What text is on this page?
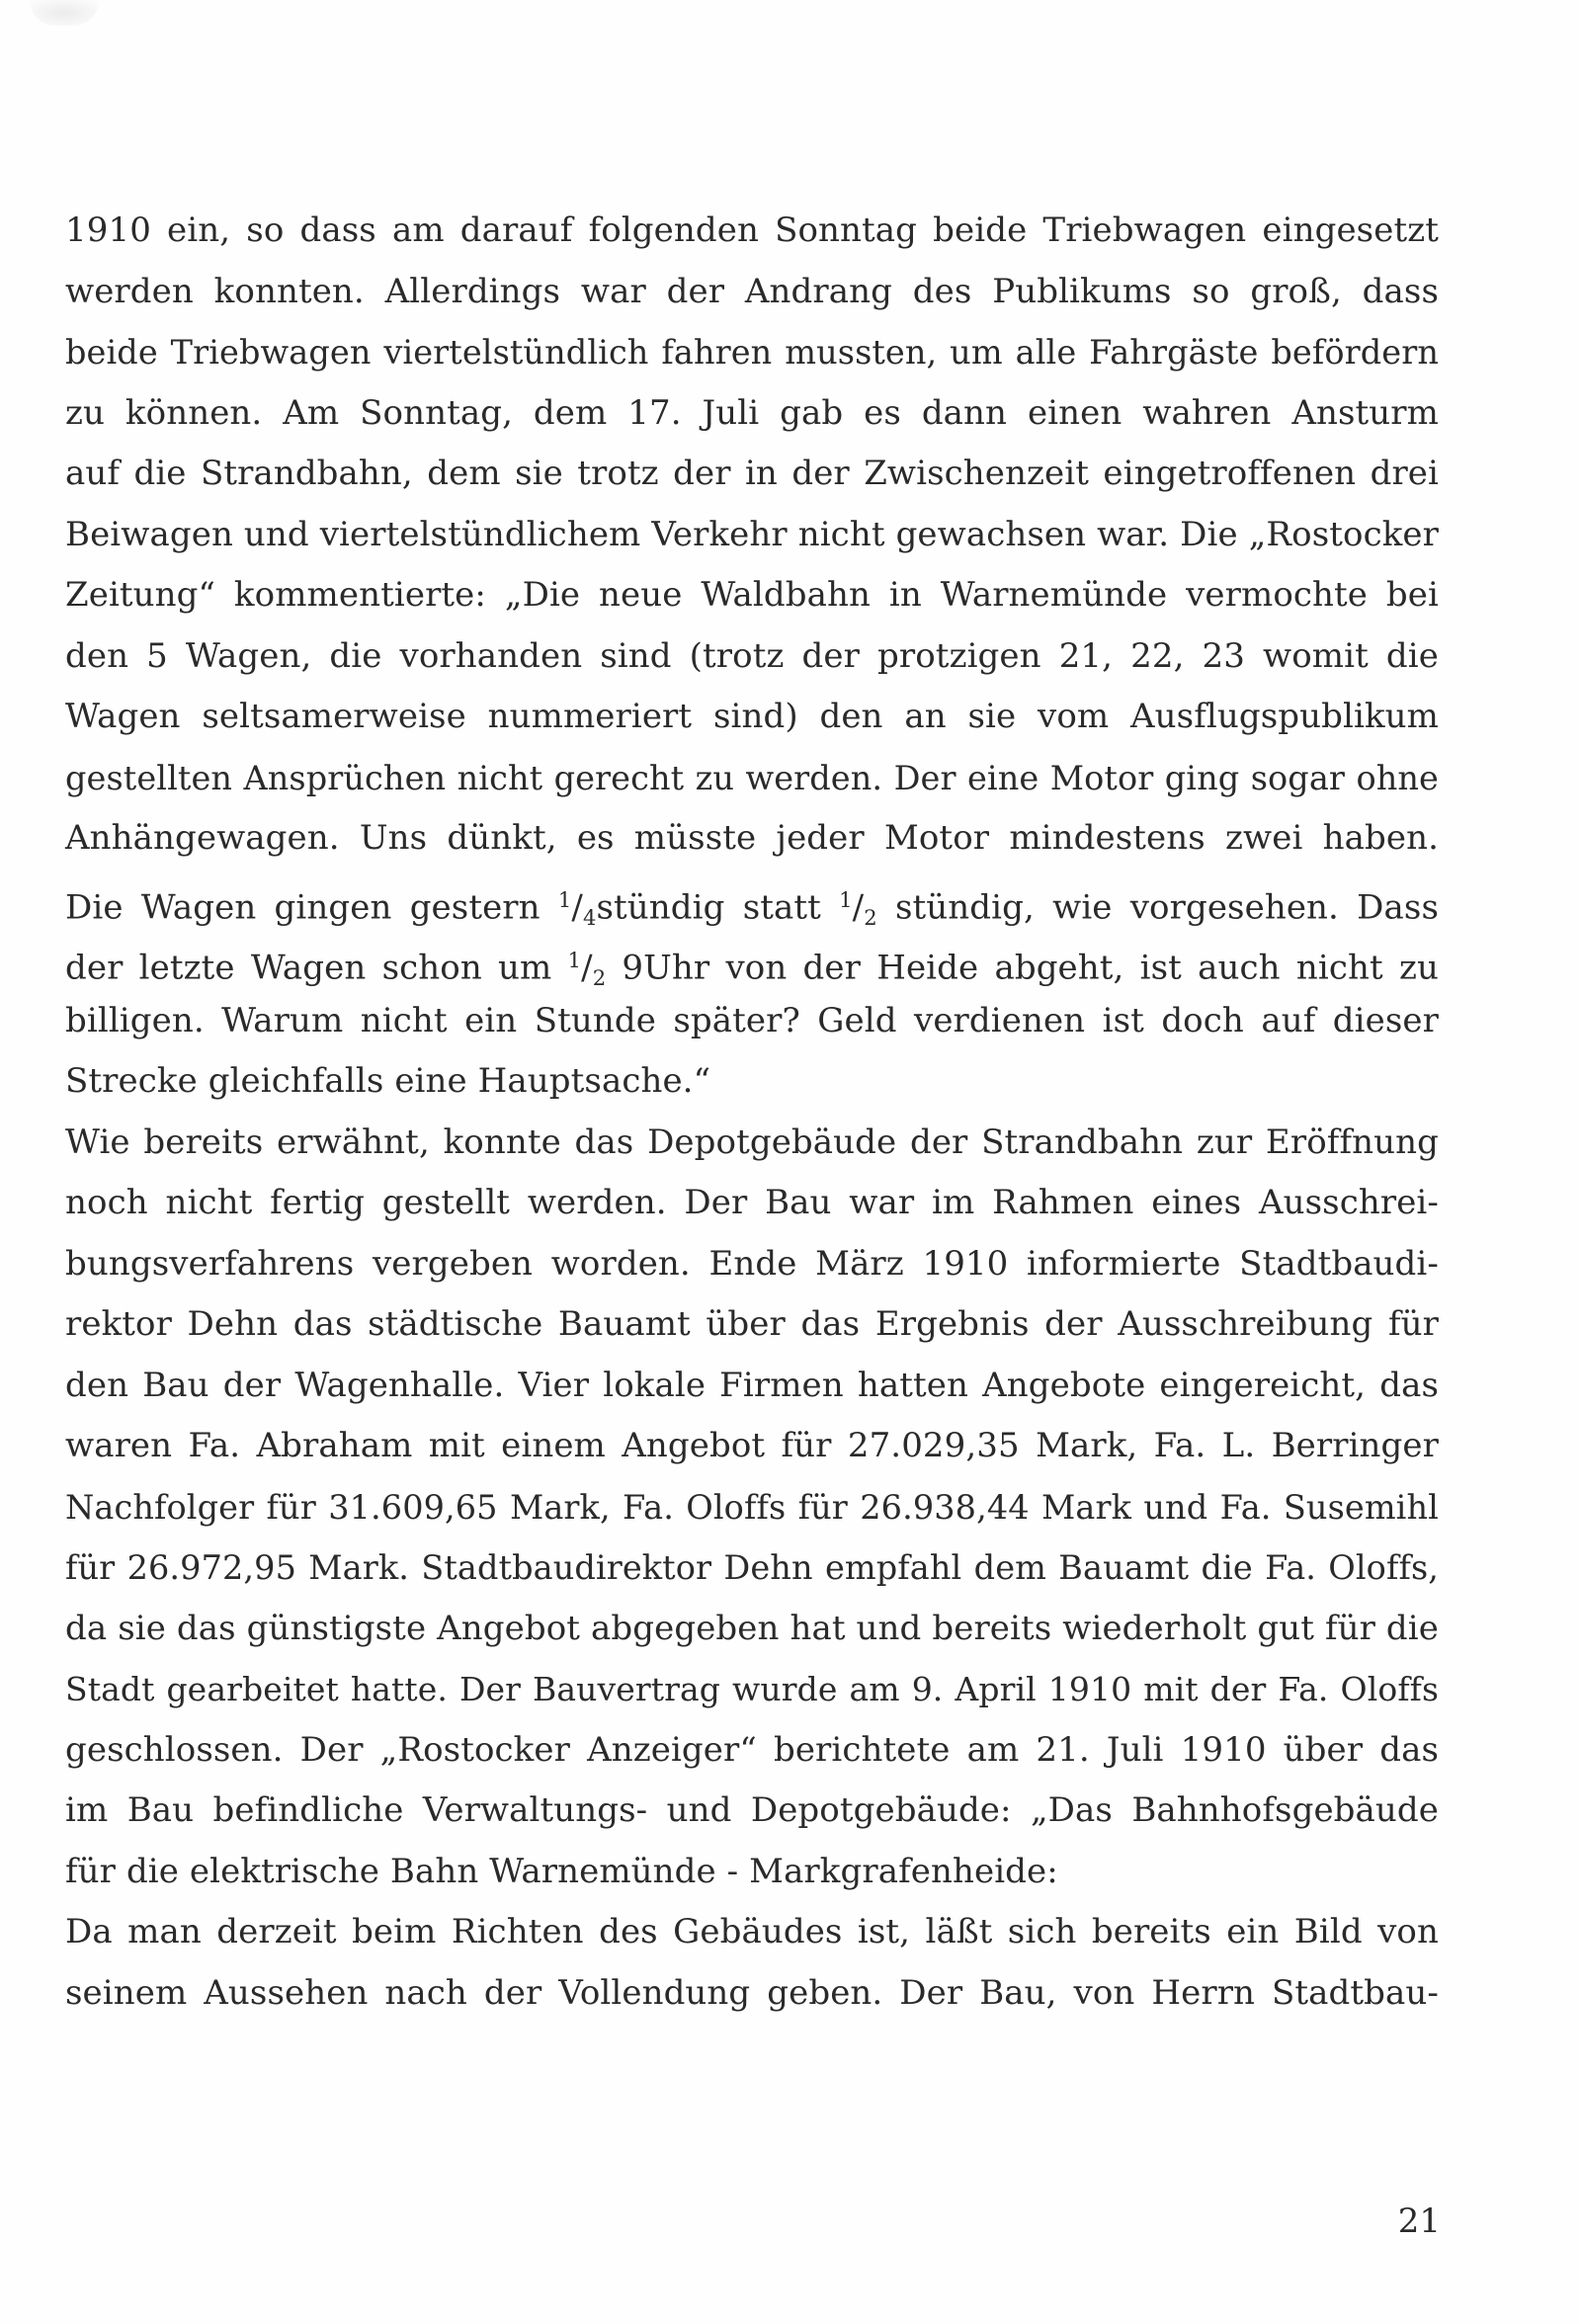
1910 ein, so dass am darauf folgenden Sonntag beide Triebwagen eingesetzt
werden konnten. Allerdings war der Andrang des Publikums so groß, dass
beide Triebwagen viertelstündlich fahren mussten, um alle Fahrgäste befördern
zu können. Am Sonntag, dem 17. Juli gab es dann einen wahren Ansturm
auf die Strandbahn, dem sie trotz der in der Zwischenzeit eingetroffenen drei
Beiwagen und viertelstündlichem Verkehr nicht gewachsen war. Die „Rostocker
Zeitung“ kommentierte: „Die neue Waldbahn in Warnemünde vermochte bei
den 5 Wagen, die vorhanden sind (trotz der protzigen 21, 22, 23 womit die
Wagen seltsamerweise nummeriert sind) den an sie vom Ausflugspublikum
gestellten Ansprüchen nicht gerecht zu werden. Der eine Motor ging sogar ohne
Anhängewagen. Uns dünkt, es müsste jeder Motor mindestens zwei haben.
Die Wagen gingen gestern $^1/_4stündig$ statt $^1/_2$ stündig, wie vorgesehen. Dass
der letzte Wagen schon um $^1/_2$ 9Uhr von der Heide abgeht, ist auch nicht zu
billigen. Warum nicht ein Stunde später? Geld verdienen ist doch auf dieser
Strecke gleichfalls eine Hauptsache.“
Wie bereits erwähnt, konnte das Depotgebäude der Strandbahn zur Eröffnung
noch nicht fertig gestellt werden. Der Bau war im Rahmen eines Ausschrei-
bungsverfahrens vergeben worden. Ende März 1910 informierte Stadtbaudi-
rektor Dehn das städtische Bauamt über das Ergebnis der Ausschreibung für
den Bau der Wagenhalle. Vier lokale Firmen hatten Angebote eingereicht, das
waren Fa. Abraham mit einem Angebot für 27.029,35 Mark, Fa. L. Berringer
Nachfolger für 31.609,65 Mark, Fa. Oloffs für 26.938,44 Mark und Fa. Susemihl
für 26.972,95 Mark. Stadtbaudirektor Dehn empfahl dem Bauamt die Fa. Oloffs,
da sie das günstigste Angebot abgegeben hat und bereits wiederholt gut für die
Stadt gearbeitet hatte. Der Bauvertrag wurde am 9. April 1910 mit der Fa. Oloffs
geschlossen. Der „Rostocker Anzeiger“ berichtete am 21. Juli 1910 über das
im Bau befindliche Verwaltungs- und Depotgebäude: „Das Bahnhofsgebäude
für die elektrische Bahn Warnemünde - Markgrafenheide:
Da man derzeit beim Richten des Gebäudes ist, läßt sich bereits ein Bild von
seinem Aussehen nach der Vollendung geben. Der Bau, von Herrn Stadtbau-
21
